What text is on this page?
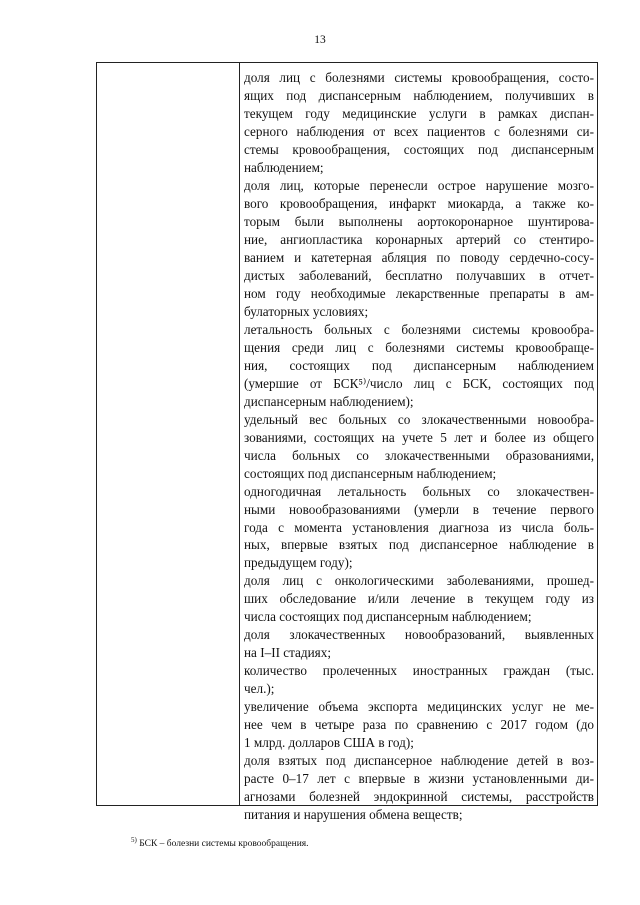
13
доля лиц с болезнями системы кровообращения, состо-
ящих под диспансерным наблюдением, получивших в
текущем году медицинские услуги в рамках диспан-
серного наблюдения от всех пациентов с болезнями си-
стемы кровообращения, состоящих под диспансерным
наблюдением;
доля лиц, которые перенесли острое нарушение мозго-
вого кровообращения, инфаркт миокарда, а также ко-
торым были выполнены аортокоронарное шунтирова-
ние, ангиопластика коронарных артерий со стентиро-
ванием и катетерная абляция по поводу сердечно-сосу-
дистых заболеваний, бесплатно получавших в отчет-
ном году необходимые лекарственные препараты в ам-
булаторных условиях;
летальность больных с болезнями системы кровообра-
щения среди лиц с болезнями системы кровообраще-
ния, состоящих под диспансерным наблюдением
(умершие от БСК⁵⁾/число лиц с БСК, состоящих под
диспансерным наблюдением);
удельный вес больных со злокачественными новообра-
зованиями, состоящих на учете 5 лет и более из общего
числа больных со злокачественными образованиями,
состоящих под диспансерным наблюдением;
одногодичная летальность больных со злокачествен-
ными новообразованиями (умерли в течение первого
года с момента установления диагноза из числа боль-
ных, впервые взятых под диспансерное наблюдение в
предыдущем году);
доля лиц с онкологическими заболеваниями, прошед-
ших обследование и/или лечение в текущем году из
числа состоящих под диспансерным наблюдением;
доля злокачественных новообразований, выявленных
на I–II стадиях;
количество пролеченных иностранных граждан (тыс.
чел.);
увеличение объема экспорта медицинских услуг не ме-
нее чем в четыре раза по сравнению с 2017 годом (до
1 млрд. долларов США в год);
доля взятых под диспансерное наблюдение детей в воз-
расте 0–17 лет с впервые в жизни установленными ди-
агнозами болезней эндокринной системы, расстройств
питания и нарушения обмена веществ;
$^{5)}$ БСК – болезни системы кровообращения.
